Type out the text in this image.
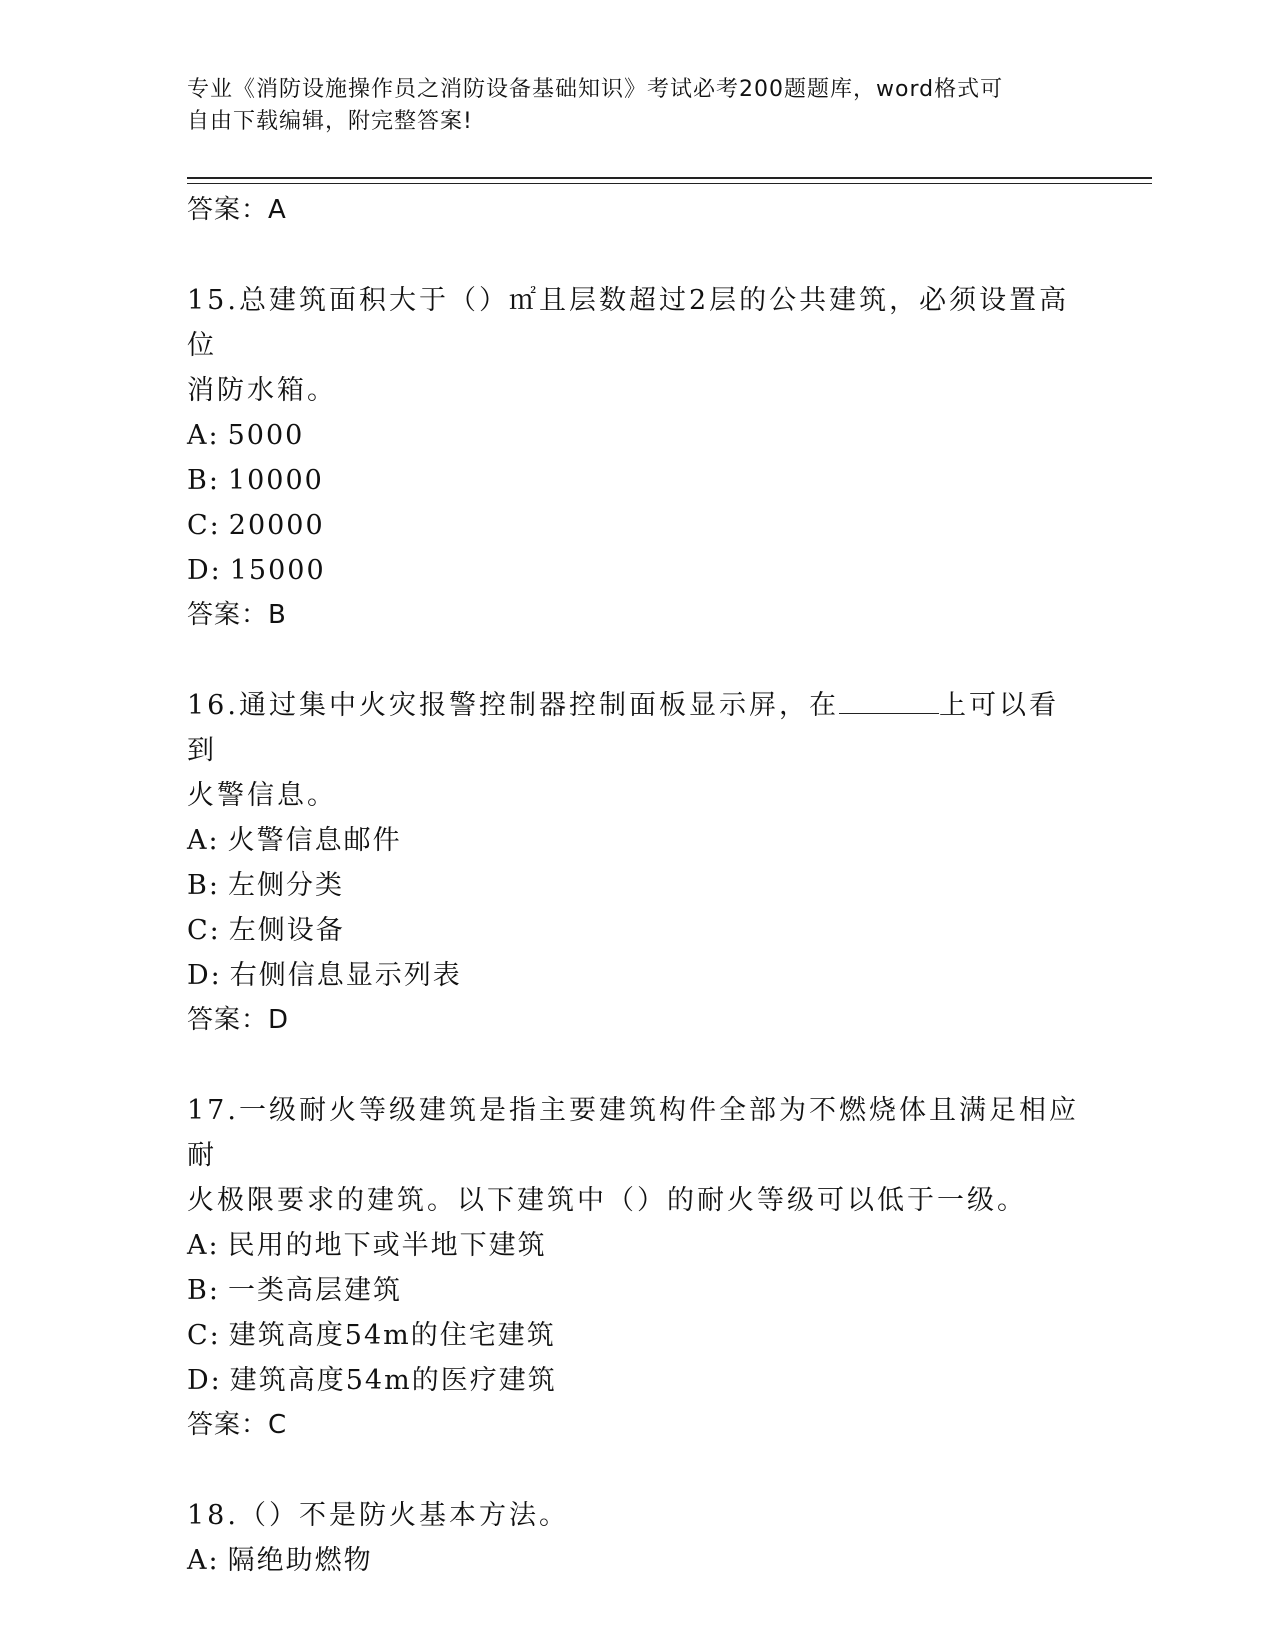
专业《消防设施操作员之消防设备基础知识》考试必考200题题库，word格式可
自由下载编辑，附完整答案!
答案：A
15.总建筑面积大于（）㎡且层数超过2层的公共建筑，必须设置高位
消防水箱。
A: 5000
B: 10000
C: 20000
D: 15000
答案：B
16.通过集中火灾报警控制器控制面板显示屏，在	上可以看到
火警信息。
A: 火警信息邮件
B: 左侧分类
C: 左侧设备
D: 右侧信息显示列表
答案：D
17.一级耐火等级建筑是指主要建筑构件全部为不燃烧体且满足相应耐
火极限要求的建筑。以下建筑中（）的耐火等级可以低于一级。
A: 民用的地下或半地下建筑
B: 一类高层建筑
C: 建筑高度54m的住宅建筑
D: 建筑高度54m的医疗建筑
答案：C
18.（）不是防火基本方法。
A: 隔绝助燃物
